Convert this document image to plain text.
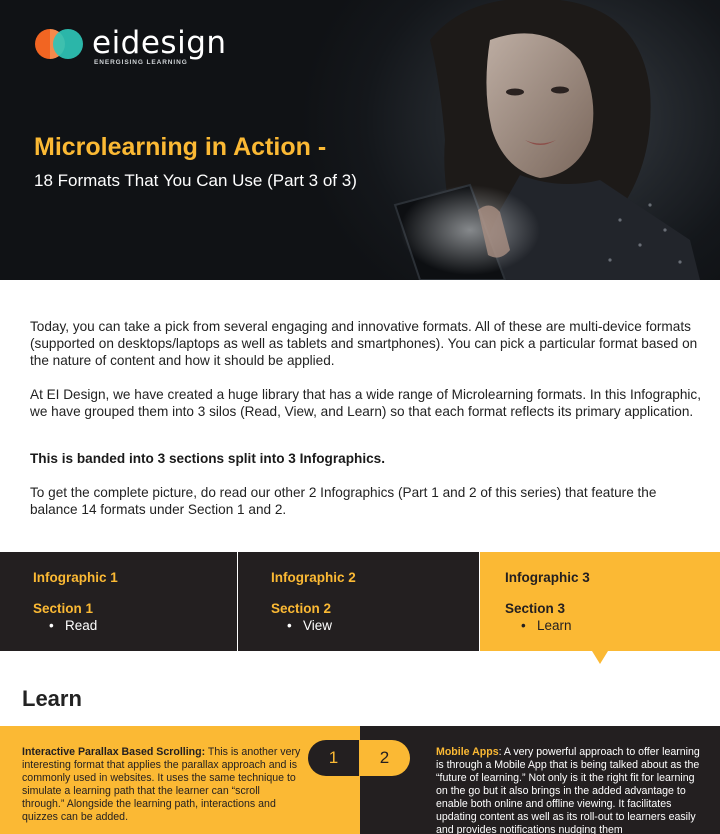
eidesign
ENERGISING LEARNING
Microlearning in Action -
18 Formats That You Can Use (Part 3 of 3)

Today, you can take a pick from several engaging and innovative formats. All of these are multi-device formats (supported on desktops/laptops as well as tablets and smartphones). You can pick a particular format based on the nature of content and how it should be applied.

At EI Design, we have created a huge library that has a wide range of Microlearning formats. In this Infographic, we have grouped them into 3 silos (Read, View, and Learn) so that each format reflects its primary application.

This is banded into 3 sections split into 3 Infographics.

To get the complete picture, do read our other 2 Infographics (Part 1 and 2 of this series) that feature the balance 14 formats under Section 1 and 2.

Infographic 1
Section 1
•   Read
Infographic 2
Section 2
•   View
Infographic 3
Section 3
•   Learn
Learn
Interactive Parallax Based Scrolling: This is another very interesting format that applies the parallax approach and is commonly used in websites. It uses the same technique to simulate a learning path that the learner can “scroll through.” Alongside the learning path, interactions and quizzes can be added.
Mobile Apps: A very powerful approach to offer learning is through a Mobile App that is being talked about as the “future of learning.” Not only is it the right fit for learning on the go but it also brings in the added advantage to enable both online and offline viewing. It facilitates updating content as well as its roll-out to learners easily and provides notifications nudging them
1	2
